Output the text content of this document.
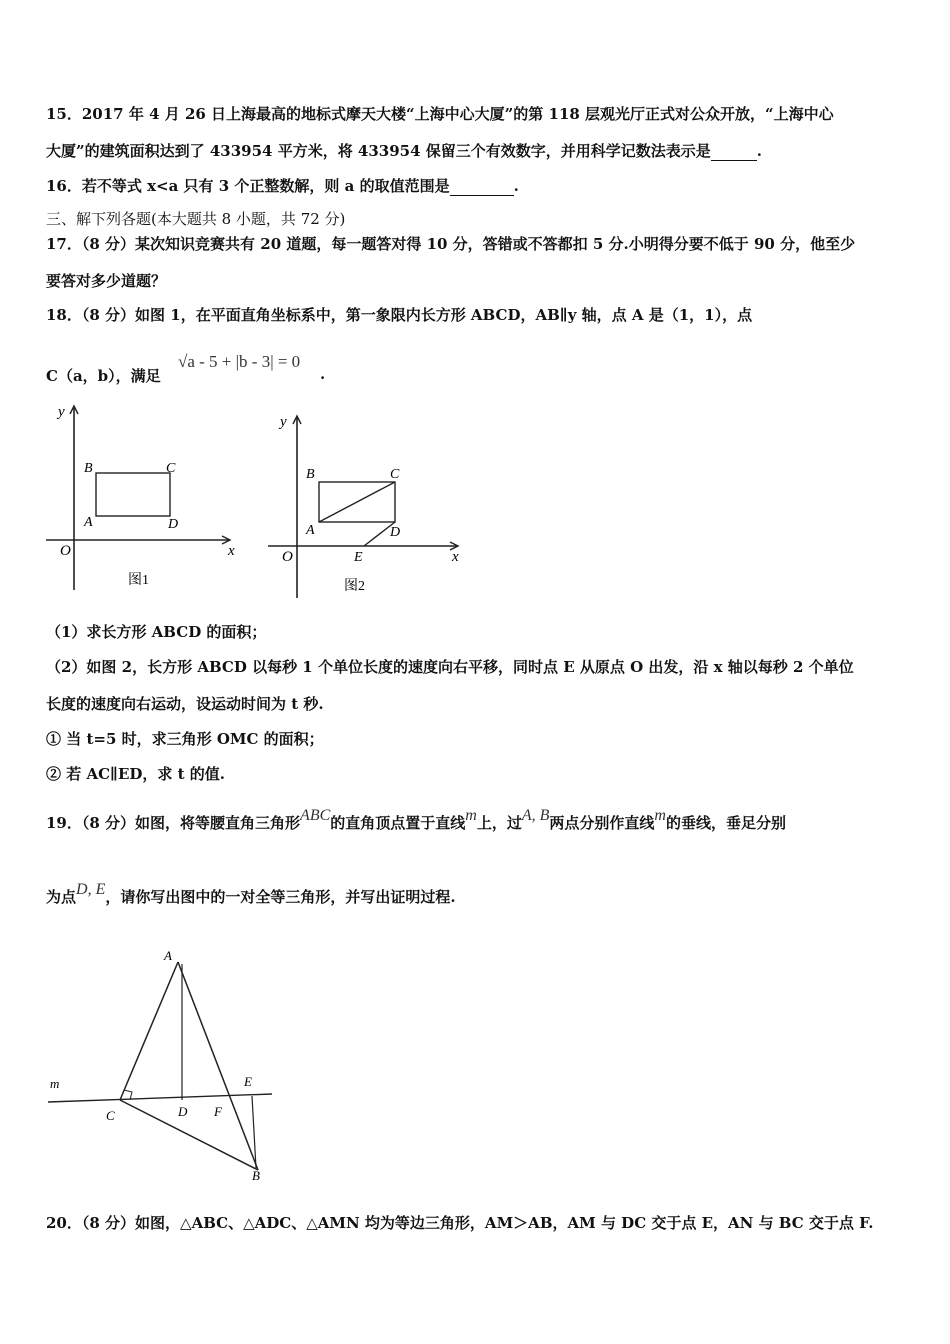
15．2017 年 4 月 26 日上海最高的地标式摩天大楼“上海中心大厦”的第 118 层观光厅正式对公众开放，“上海中心
大厦”的建筑面积达到了 433954 平方米，将 433954 保留三个有效数字，并用科学记数法表示是	.
16．若不等式 x<a 只有 3 个正整数解，则 a 的取值范围是	.
三、解下列各题(本大题共 8 小题，共 72 分)
17．（8 分）某次知识竞赛共有 20 道题，每一题答对得 10 分，答错或不答都扣 5 分.小明得分要不低于 90 分，他至少
要答对多少道题？
18．（8 分）如图 1，在平面直角坐标系中，第一象限内长方形 ABCD，AB∥y 轴，点 A 是（1，1），点
C（a，b），满足
√a - 5 + |b - 3| = 0
.
y
x
O
A
B	C
D
图1
y
x
O
A
B	C
D
E
图2
（1）求长方形 ABCD 的面积；
（2）如图 2，长方形 ABCD 以每秒 1 个单位长度的速度向右平移，同时点 E 从原点 O 出发，沿 x 轴以每秒 2 个单位
长度的速度向右运动，设运动时间为 t 秒.
① 当 t=5 时，求三角形 OMC 的面积；
② 若 AC∥ED，求 t 的值.
19．（8 分）如图，将等腰直角三角形ABC的直角顶点置于直线m上，过A, B两点分别作直线m的垂线，垂足分别
为点D, E，请你写出图中的一对全等三角形，并写出证明过程.
A
B
C	D
E
F
m
20．（8 分）如图，△ABC、△ADC、△AMN 均为等边三角形，AM＞AB，AM 与 DC 交于点 E，AN 与 BC 交于点 F.
